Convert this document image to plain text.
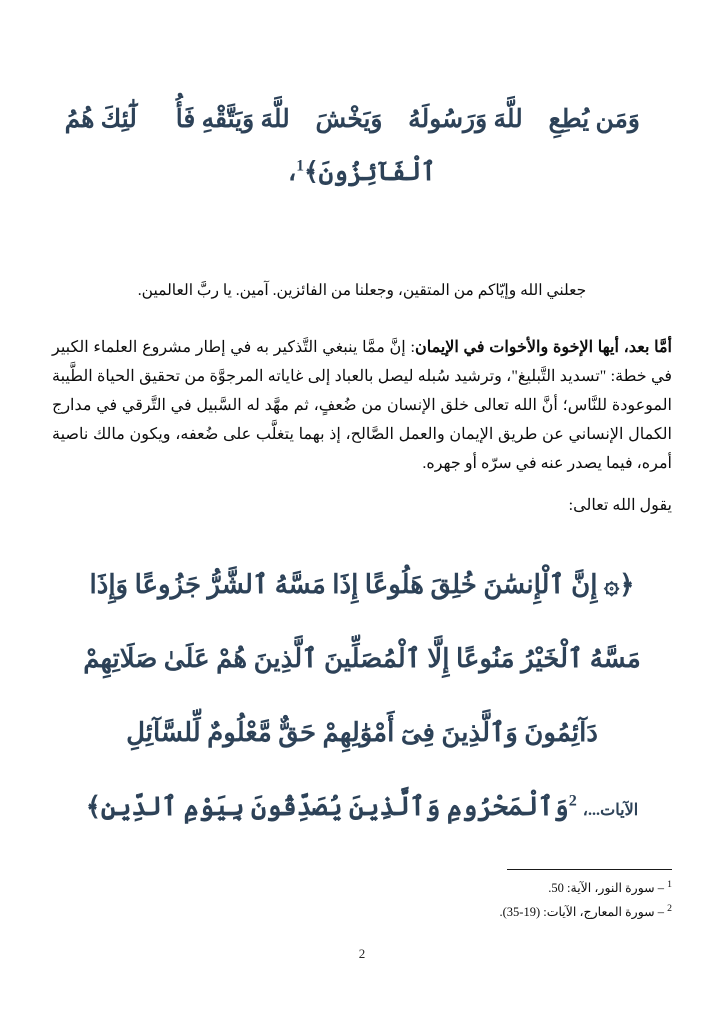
﴿وَمَن يُطِعِ ٱللَّهَ وَرَسُولَهُۥ وَيَخْشَ ٱللَّهَ وَيَتَّقْهِ فَأُو۟لَٰٓئِكَ هُمُ
ٱلْفَآئِزُونَ﴾$^1$،
جعلني الله وإيّاكم من المتقين، وجعلنا من الفائزين. آمين. يا ربَّ العالمين.
أمَّا بعد، أيها الإخوة والأخوات في الإيمان: إنَّ ممَّا ينبغي التَّذكير به في إطار مشروع العلماء الكبير في خطة: "تسديد التَّبليغ"، وترشيد سُبله ليصل بالعباد إلى غاياته المرجوَّة من تحقيق الحياة الطَّيبة الموعودة للنَّاس؛ أنَّ الله تعالى خلق الإنسان من ضُعفٍ، ثم مهَّد له السَّبيل في التَّرقي في مدارج الكمال الإنساني عن طريق الإيمان والعمل الصَّالح، إذ بهما يتغلَّب على ضُعفه، ويكون مالك ناصية أمره، فيما يصدر عنه في سرّه أو جهره.
يقول الله تعالى:
﴿۞ إِنَّ ٱلْإِنسَٰنَ خُلِقَ هَلُوعًا إِذَا مَسَّهُ ٱلشَّرُّ جَزُوعًا وَإِذَا
مَسَّهُ ٱلْخَيْرُ مَنُوعًا إِلَّا ٱلْمُصَلِّينَ ٱلَّذِينَ هُمْ عَلَىٰ صَلَاتِهِمْ
دَآئِمُونَ وَٱلَّذِينَ فِىٓ أَمْوَٰلِهِمْ حَقٌّ مَّعْلُومٌ لِّلسَّآئِلِ
الآيات...،$^2$وَٱلْمَحْرُومِ وَٱلَّذِينَ يُصَدِّقُونَ بِيَوْمِ ٱلدِّينِ﴾
$^1$ – سورة النور، الآية: 50.
$^2$ – سورة المعارج، الآيات: (19-35).
2
